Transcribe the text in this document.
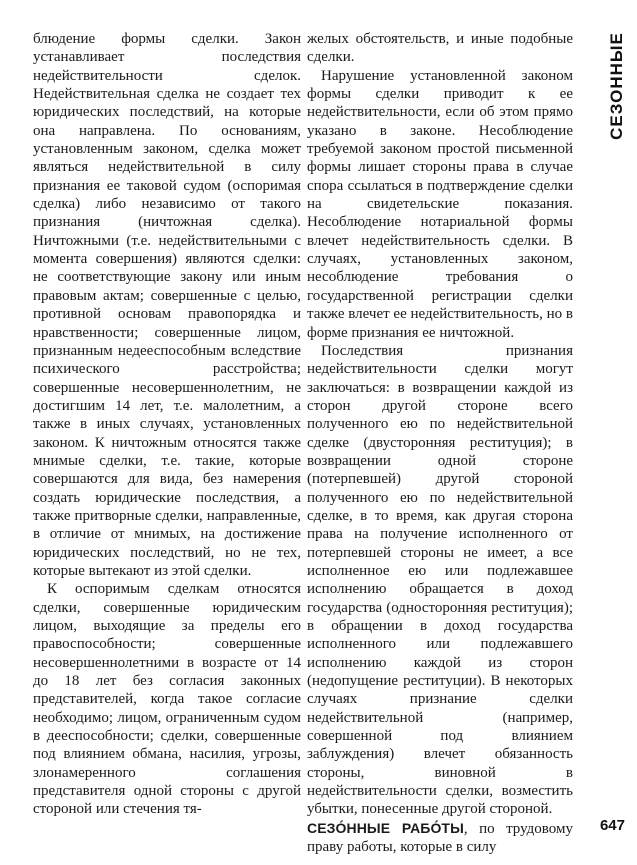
СЕЗОННЫЕ

блюдение формы сделки. Закон устанавливает последствия недействительности сделок. Недействительная сделка не создает тех юридических последствий, на которые она направлена. По основаниям, установленным законом, сделка может являться недействительной в силу признания ее таковой судом (оспоримая сделка) либо независимо от такого признания (ничтожная сделка). Ничтожными (т.е. недействительными с момента совершения) являются сделки: не соответствующие закону или иным правовым актам; совершенные с целью, противной основам правопорядка и нравственности; совершенные лицом, признанным недееспособным вследствие психического расстройства; совершенные несовершеннолетним, не достигшим 14 лет, т.е. малолетним, а также в иных случаях, установленных законом. К ничтожным относятся также мнимые сделки, т.е. такие, которые совершаются для вида, без намерения создать юридические последствия, а также притворные сделки, направленные, в отличие от мнимых, на достижение юридических последствий, но не тех, которые вытекают из этой сделки.

К оспоримым сделкам относятся сделки, совершенные юридическим лицом, выходящие за пределы его правоспособности; совершенные несовершеннолетними в возрасте от 14 до 18 лет без согласия законных представителей, когда такое согласие необходимо; лицом, ограниченным судом в дееспособности; сделки, совершенные под влиянием обмана, насилия, угрозы, злонамеренного соглашения представителя одной стороны с другой стороной или стечения тя-

желых обстоятельств, и иные подобные сделки.

Нарушение установленной законом формы сделки приводит к ее недействительности, если об этом прямо указано в законе. Несоблюдение требуемой законом простой письменной формы лишает стороны права в случае спора ссылаться в подтверждение сделки на свидетельские показания. Несоблюдение нотариальной формы влечет недействительность сделки. В случаях, установленных законом, несоблюдение требования о государственной регистрации сделки также влечет ее недействительность, но в форме признания ее ничтожной.

Последствия признания недействительности сделки могут заключаться: в возвращении каждой из сторон другой стороне всего полученного ею по недействительной сделке (двусторонняя реституция); в возвращении одной стороне (потерпевшей) другой стороной полученного ею по недействительной сделке, в то время, как другая сторона права на получение исполненного от потерпевшей стороны не имеет, а все исполненное ею или подлежавшее исполнению обращается в доход государства (односторонняя реституция); в обращении в доход государства исполненного или подлежавшего исполнению каждой из сторон (недопущение реституции). В некоторых случаях признание сделки недействительной (например, совершенной под влиянием заблуждения) влечет обязанность стороны, виновной в недействительности сделки, возместить убытки, понесенные другой стороной.

СЕЗÓННЫЕ РАБÓТЫ, по трудовому праву работы, которые в силу

647
